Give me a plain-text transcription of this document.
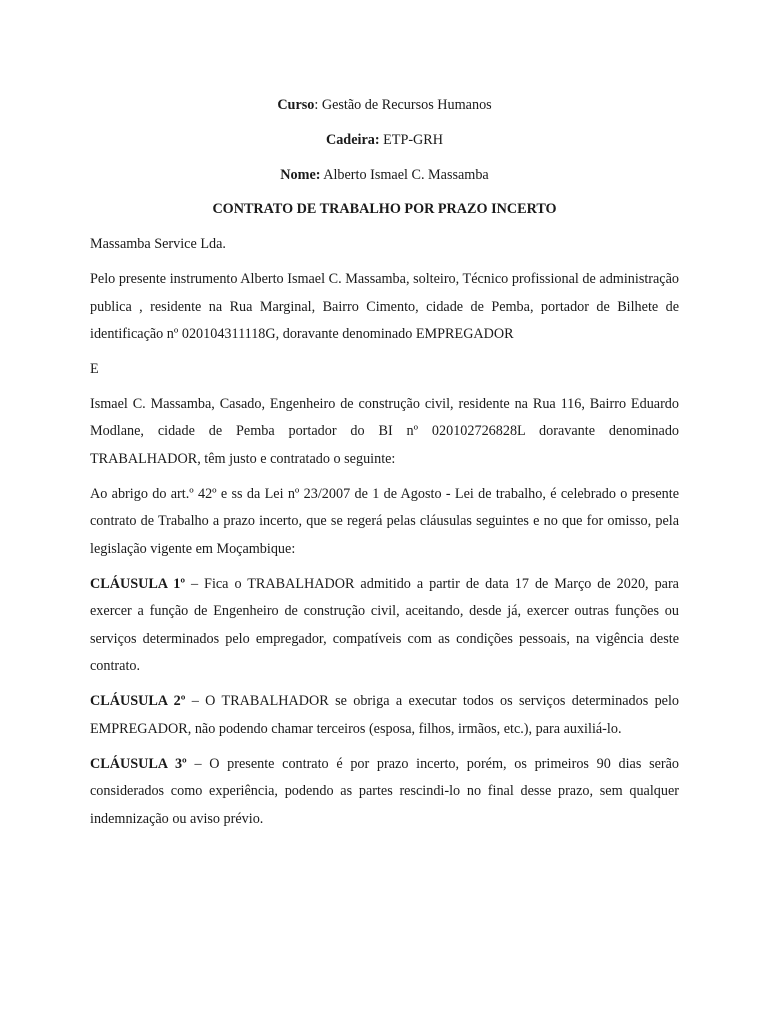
Curso: Gestão de Recursos Humanos

Cadeira: ETP-GRH

Nome: Alberto Ismael C. Massamba

CONTRATO DE TRABALHO POR PRAZO INCERTO

Massamba Service Lda.

Pelo presente instrumento Alberto Ismael C. Massamba, solteiro, Técnico profissional de administração publica , residente na Rua Marginal, Bairro Cimento, cidade de Pemba, portador de Bilhete de identificação nº 020104311118G, doravante denominado EMPREGADOR

E

Ismael C. Massamba, Casado, Engenheiro de construção civil, residente na Rua 116, Bairro Eduardo Modlane, cidade de Pemba portador do BI nº 020102726828L doravante denominado TRABALHADOR, têm justo e contratado o seguinte:

Ao abrigo do art.º 42º e ss da Lei nº 23/2007 de 1 de Agosto - Lei de trabalho, é celebrado o presente contrato de Trabalho a prazo incerto, que se regerá pelas cláusulas seguintes e no que for omisso, pela legislação vigente em Moçambique:

CLÁUSULA 1º – Fica o TRABALHADOR admitido a partir de data 17 de Março de 2020, para exercer a função de Engenheiro de construção civil, aceitando, desde já, exercer outras funções ou serviços determinados pelo empregador, compatíveis com as condições pessoais, na vigência deste contrato.

CLÁUSULA 2º – O TRABALHADOR se obriga a executar todos os serviços determinados pelo EMPREGADOR, não podendo chamar terceiros (esposa, filhos, irmãos, etc.), para auxiliá-lo.

CLÁUSULA 3º – O presente contrato é por prazo incerto, porém, os primeiros 90 dias serão considerados como experiência, podendo as partes rescindi-lo no final desse prazo, sem qualquer indemnização ou aviso prévio.
